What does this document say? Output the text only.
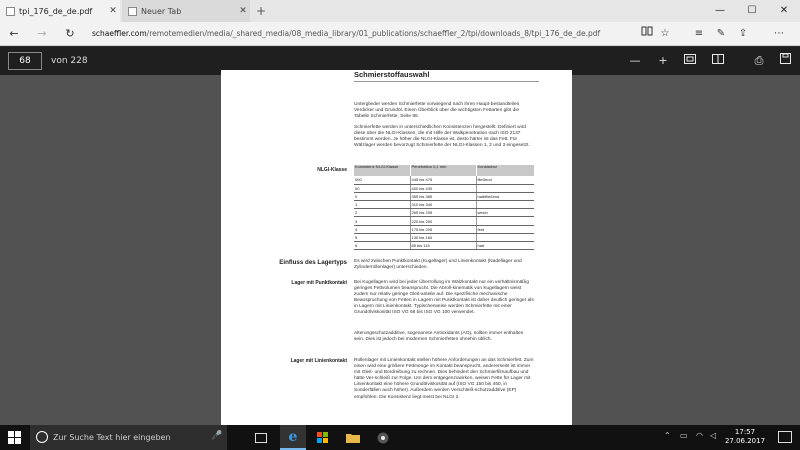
tpi_176_de_de.pdf	✕	Neuer Tab	✕ +	—	☐	✕
←	→	↻	schaeffler.com/remotemedien/media/_shared_media/08_media_library/01_publications/schaeffler_2/tpi/downloads_8/tpi_176_de_de.pdf	☆	≡	✎	⇪	⋯
68	von 228	—	+	⎙
Schmierstoffauswahl
Unterglieder werden Schmierfette vorwiegend nach ihren Haupt-bestandteilen Verdicker und Grundöl. Einen Überblick über die wichtigsten Fettarten gibt die Tabelle Schmierfette, Seite 86.
Schmierfette werden in unterschiedlichen Konsistenzen hergestellt. Definiert wird diese über die NLGI-Klassen, die mit Hilfe der Walkpenetration nach ISO 2137 bestimmt werden. Je höher die NLGI-Klasse ist, desto härter ist das Fett. Für Wälzlager werden bevorzugt Schmierfette der NLGI-Klassen 1, 2 und 3 eingesetzt.
NLGI-Klasse
Konsistenz NLGI-Klasse	Penetration 0,1 mm	Konsistenz
000	445 bis 475	fließend
00	400 bis 430	
0	355 bis 385	halbfließend
1	310 bis 340	
2	265 bis 295	weich
3	220 bis 250	
4	175 bis 205	fest
5	130 bis 160	
6	85 bis 115	hart
Einfluss des Lagertyps Es wird zwischen Punktkontakt (Kugellager) und Linienkontakt (Nadellager und Zylinderrollenlager) unterschieden.
Lager mit Punktkontakt Bei Kugellagern wird bei jeder Überrollung im Wälzkontakt nur ein verhältnismäßig geringes Fettvolumen beansprucht. Die Abroll-kinematik von Kugellagern weist zudem nur relativ geringe Gleit-anteile auf. Die spezifische mechanische Beanspruchung von Fetten in Lagern mit Punktkontakt ist daher deutlich geringer als in Lagern mit Linienkontakt. Typischerweise werden Schmierfette mit einer Grundölviskosität ISO VG 68 bis ISO VG 100 verwendet.
Alterungsschutzadditive, sogenannte Antioxidants (AO), sollten immer enthalten sein. Dies ist jedoch bei modernen Schmierfetten ohnehin üblich.
Lager mit Linienkontakt Rollenlager mit Linienkontakt stellen höhere Anforderungen an das Schmierfett. Zum einen wird eine größere Fettmenge im Kontakt beansprucht, andererseits ist immer mit Gleit- und Bordreibung zu rechnen. Dies behindert den Schmierfilmaufbau und hätte Ver-schleiß zur Folge. Um dem entgegenzuwirken, weisen Fette für Lager mit Linienkontakt eine höhere Grundölviskosität auf (ISO VG 150 bis 460, in Sonderfällen auch höher). Außerdem werden Verschleiß-schutzadditive (EP) empfohlen. Die Konsistenz liegt meist bei NLGI 2.
Zur Suche Text hier eingeben	🎤	e	⌃ ▭ ◠ ◁	17:57
27.06.2017
